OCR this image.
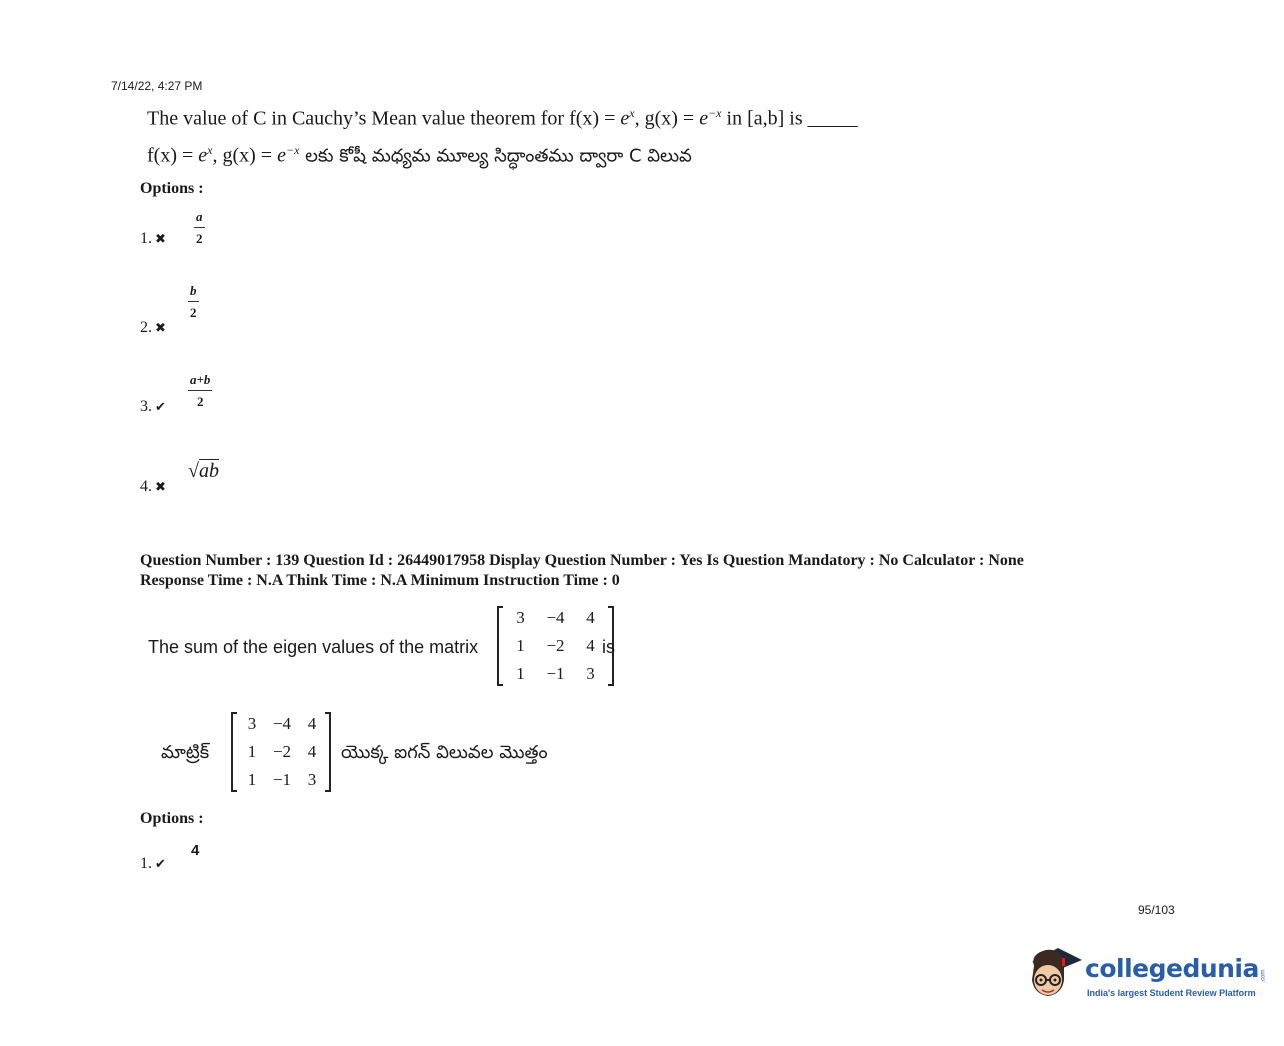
7/14/22, 4:27 PM
The value of C in Cauchy’s Mean value theorem for $f(x) = e^x$, $g(x) = e^{-x}$ in [a,b] is _____
$f(x) = e^x$, $g(x) = e^{-x}$ లకు కోషీ మధ్యమ మూల్య సిద్ధాంతము ద్వారా C విలువ
Options :
1. ✖ $\frac{a}{2}$
2. ✖
$\frac{b}{2}$
3. ✔ $\frac{a+b}{2}$
4. ✖
√ab
Question Number : 139 Question Id : 26449017958 Display Question Number : Yes Is Question Mandatory : No Calculator : None
Response Time : N.A Think Time : N.A Minimum Instruction Time : 0
The sum of the eigen values of the matrix
3	−4	4
1	−2	4
1	−1	3
is
మాట్రిక్
3 −4 4
1 −2 4
1 −1 3
యొక్క ఐగన్ విలువల మొత్తం
Options :
1. ✔
4
95/103
collegedunia .com
India's largest Student Review Platform
